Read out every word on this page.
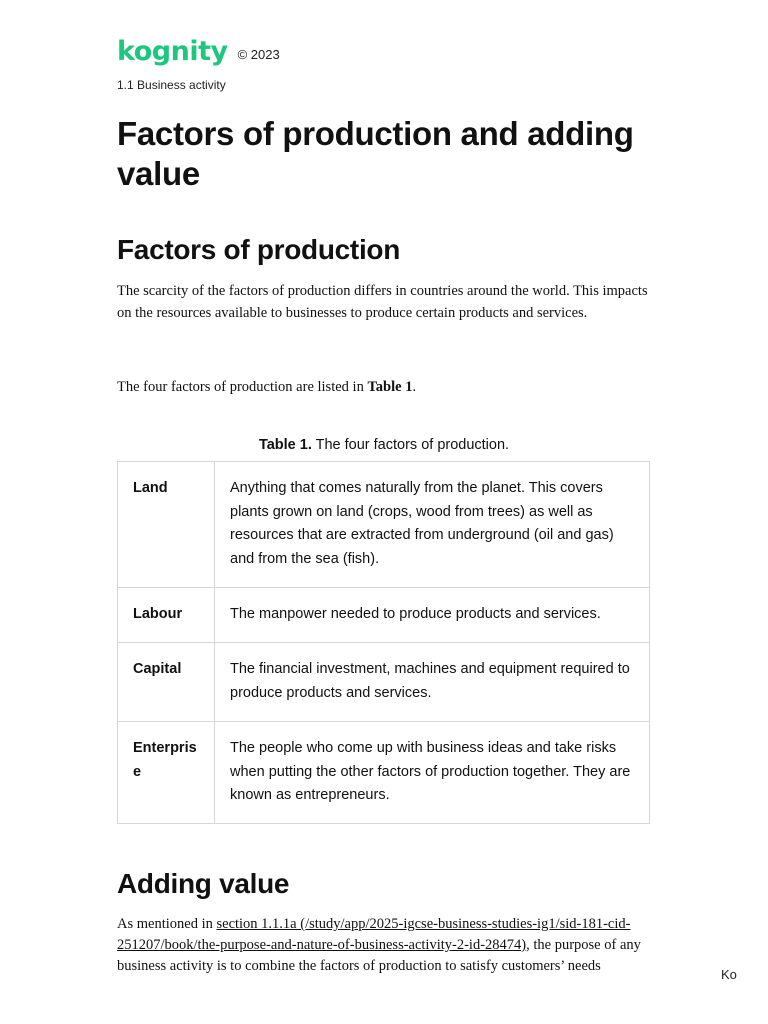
kognity © 2023
1.1 Business activity
Factors of production and adding value
Factors of production

The scarcity of the factors of production differs in countries around the world. This impacts on the resources available to businesses to produce certain products and services.

The four factors of production are listed in Table 1.

Table 1. The four factors of production.
Land	Anything that comes naturally from the planet. This covers plants grown on land (crops, wood from trees) as well as resources that are extracted from underground (oil and gas) and from the sea (fish).
Labour	The manpower needed to produce products and services.
Capital	The financial investment, machines and equipment required to produce products and services.
Enterprise	The people who come up with business ideas and take risks when putting the other factors of production together. They are known as entrepreneurs.
Adding value

As mentioned in section 1.1.1a (/study/app/2025-igcse-business-studies-ig1/sid-181-cid-251207/book/the-purpose-and-nature-of-business-activity-2-id-28474), the purpose of any business activity is to combine the factors of production to satisfy customers’ needs

Ko
